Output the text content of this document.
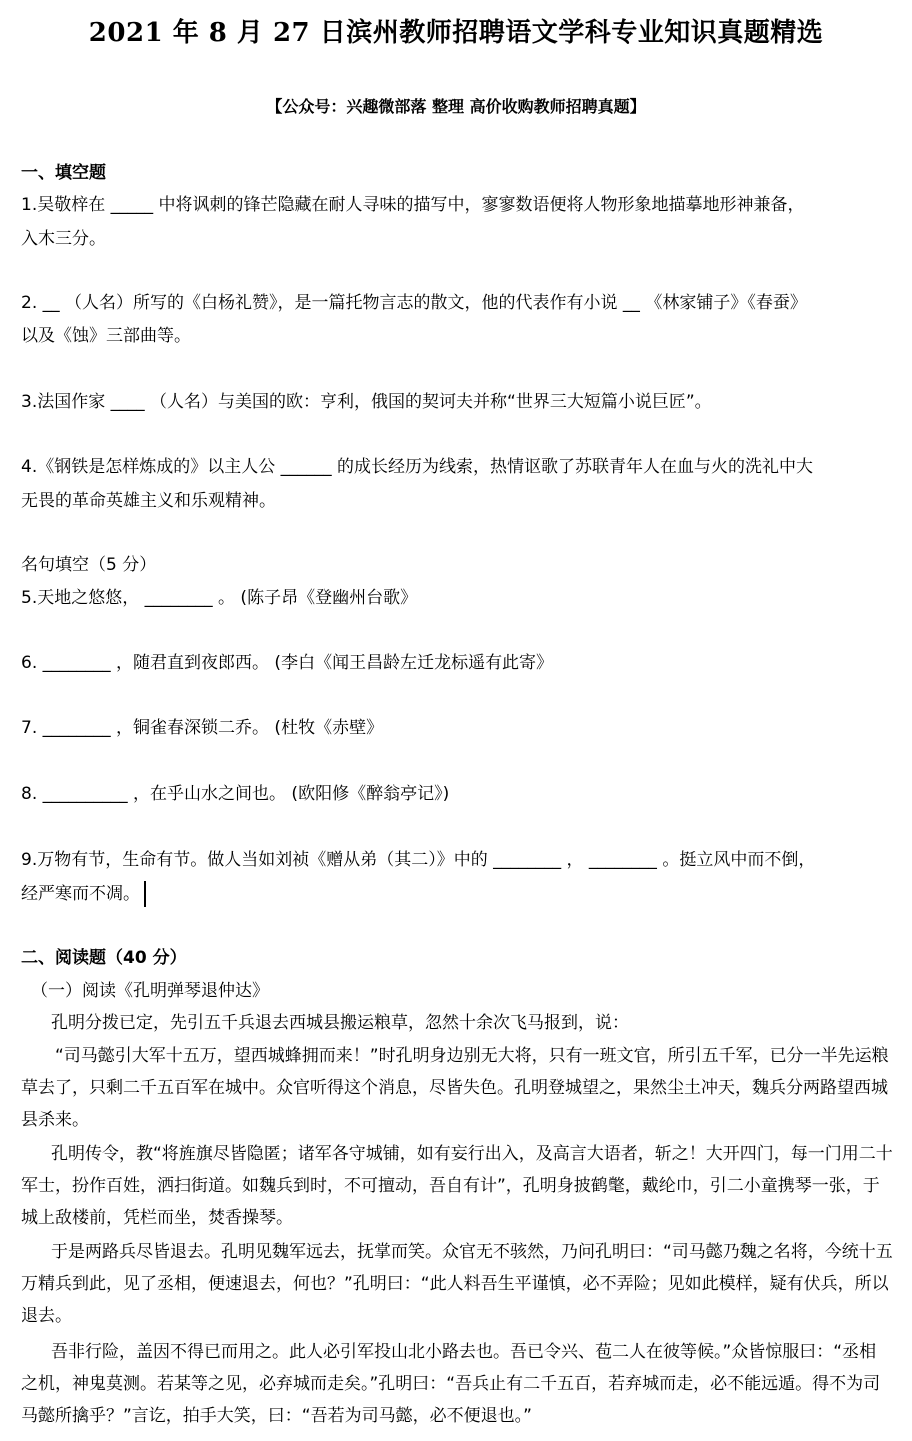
2021 年 8 月 27 日滨州教师招聘语文学科专业知识真题精选
【公众号：兴趣微部落 整理 高价收购教师招聘真题】
一、填空题
1.吴敬梓在 _____ 中将讽刺的锋芒隐藏在耐人寻味的描写中，寥寥数语便将人物形象地描摹地形神兼备，
入木三分。
2. __ （人名）所写的《白杨礼赞》，是一篇托物言志的散文，他的代表作有小说 __ 《林家铺子》《春蚕》
以及《蚀》三部曲等。
3.法国作家 ____ （人名）与美国的欧：亨利，俄国的契诃夫并称“世界三大短篇小说巨匠”。
4.《钢铁是怎样炼成的》以主人公 ______ 的成长经历为线索，热情讴歌了苏联青年人在血与火的洗礼中大
无畏的革命英雄主义和乐观精神。
名句填空（5 分）
5.天地之悠悠， ________ 。 (陈子昂《登幽州台歌》
6. ________ ，随君直到夜郎西。 (李白《闻王昌龄左迁龙标遥有此寄》
7. ________ ，铜雀春深锁二乔。 (杜牧《赤壁》
8. __________ ，在乎山水之间也。 (欧阳修《醉翁亭记》)
9.万物有节，生命有节。做人当如刘祯《赠从弟（其二）》中的 ________ ， ________ 。挺立风中而不倒，
经严寒而不凋。
二、阅读题（40 分）
（一）阅读《孔明弹琴退仲达》
孔明分拨已定，先引五千兵退去西城县搬运粮草，忽然十余次飞马报到，说：
“司马懿引大军十五万，望西城蜂拥而来！”时孔明身边别无大将，只有一班文官，所引五千军，已分一半先运粮草去了，只剩二千五百军在城中。众官听得这个消息，尽皆失色。孔明登城望之，果然尘土冲天，魏兵分两路望西城县杀来。
孔明传令，教“将旌旗尽皆隐匿；诸军各守城铺，如有妄行出入，及高言大语者，斩之！大开四门，每一门用二十军士，扮作百姓，洒扫街道。如魏兵到时，不可擅动，吾自有计”，孔明身披鹤氅，戴纶巾，引二小童携琴一张，于城上敌楼前，凭栏而坐，焚香操琴。
于是两路兵尽皆退去。孔明见魏军远去，抚掌而笑。众官无不骇然，乃问孔明曰：“司马懿乃魏之名将，今统十五万精兵到此，见了丞相，便速退去，何也？”孔明曰：“此人料吾生平谨慎，必不弄险；见如此模样，疑有伏兵，所以退去。
吾非行险，盖因不得已而用之。此人必引军投山北小路去也。吾已令兴、苞二人在彼等候。”众皆惊服曰：“丞相之机，神鬼莫测。若某等之见，必弃城而走矣。”孔明曰：“吾兵止有二千五百，若弃城而走，必不能远遁。得不为司马懿所擒乎？”言讫，拍手大笑，曰：“吾若为司马懿，必不便退也。”
